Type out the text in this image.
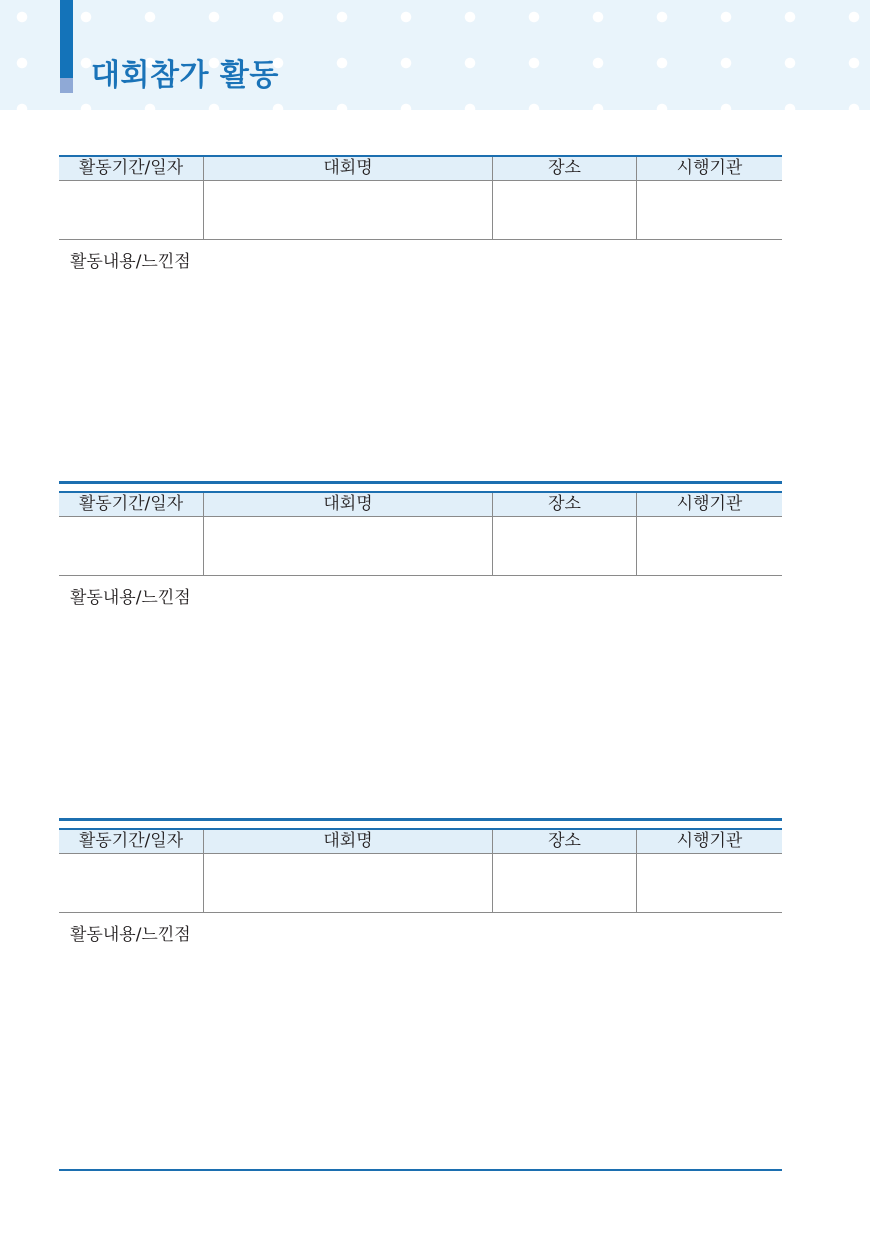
대회참가 활동
활동기간/일자	대회명	장소	시행기관
활동내용/느낀점
활동기간/일자	대회명	장소	시행기관
활동내용/느낀점
활동기간/일자	대회명	장소	시행기관
활동내용/느낀점
